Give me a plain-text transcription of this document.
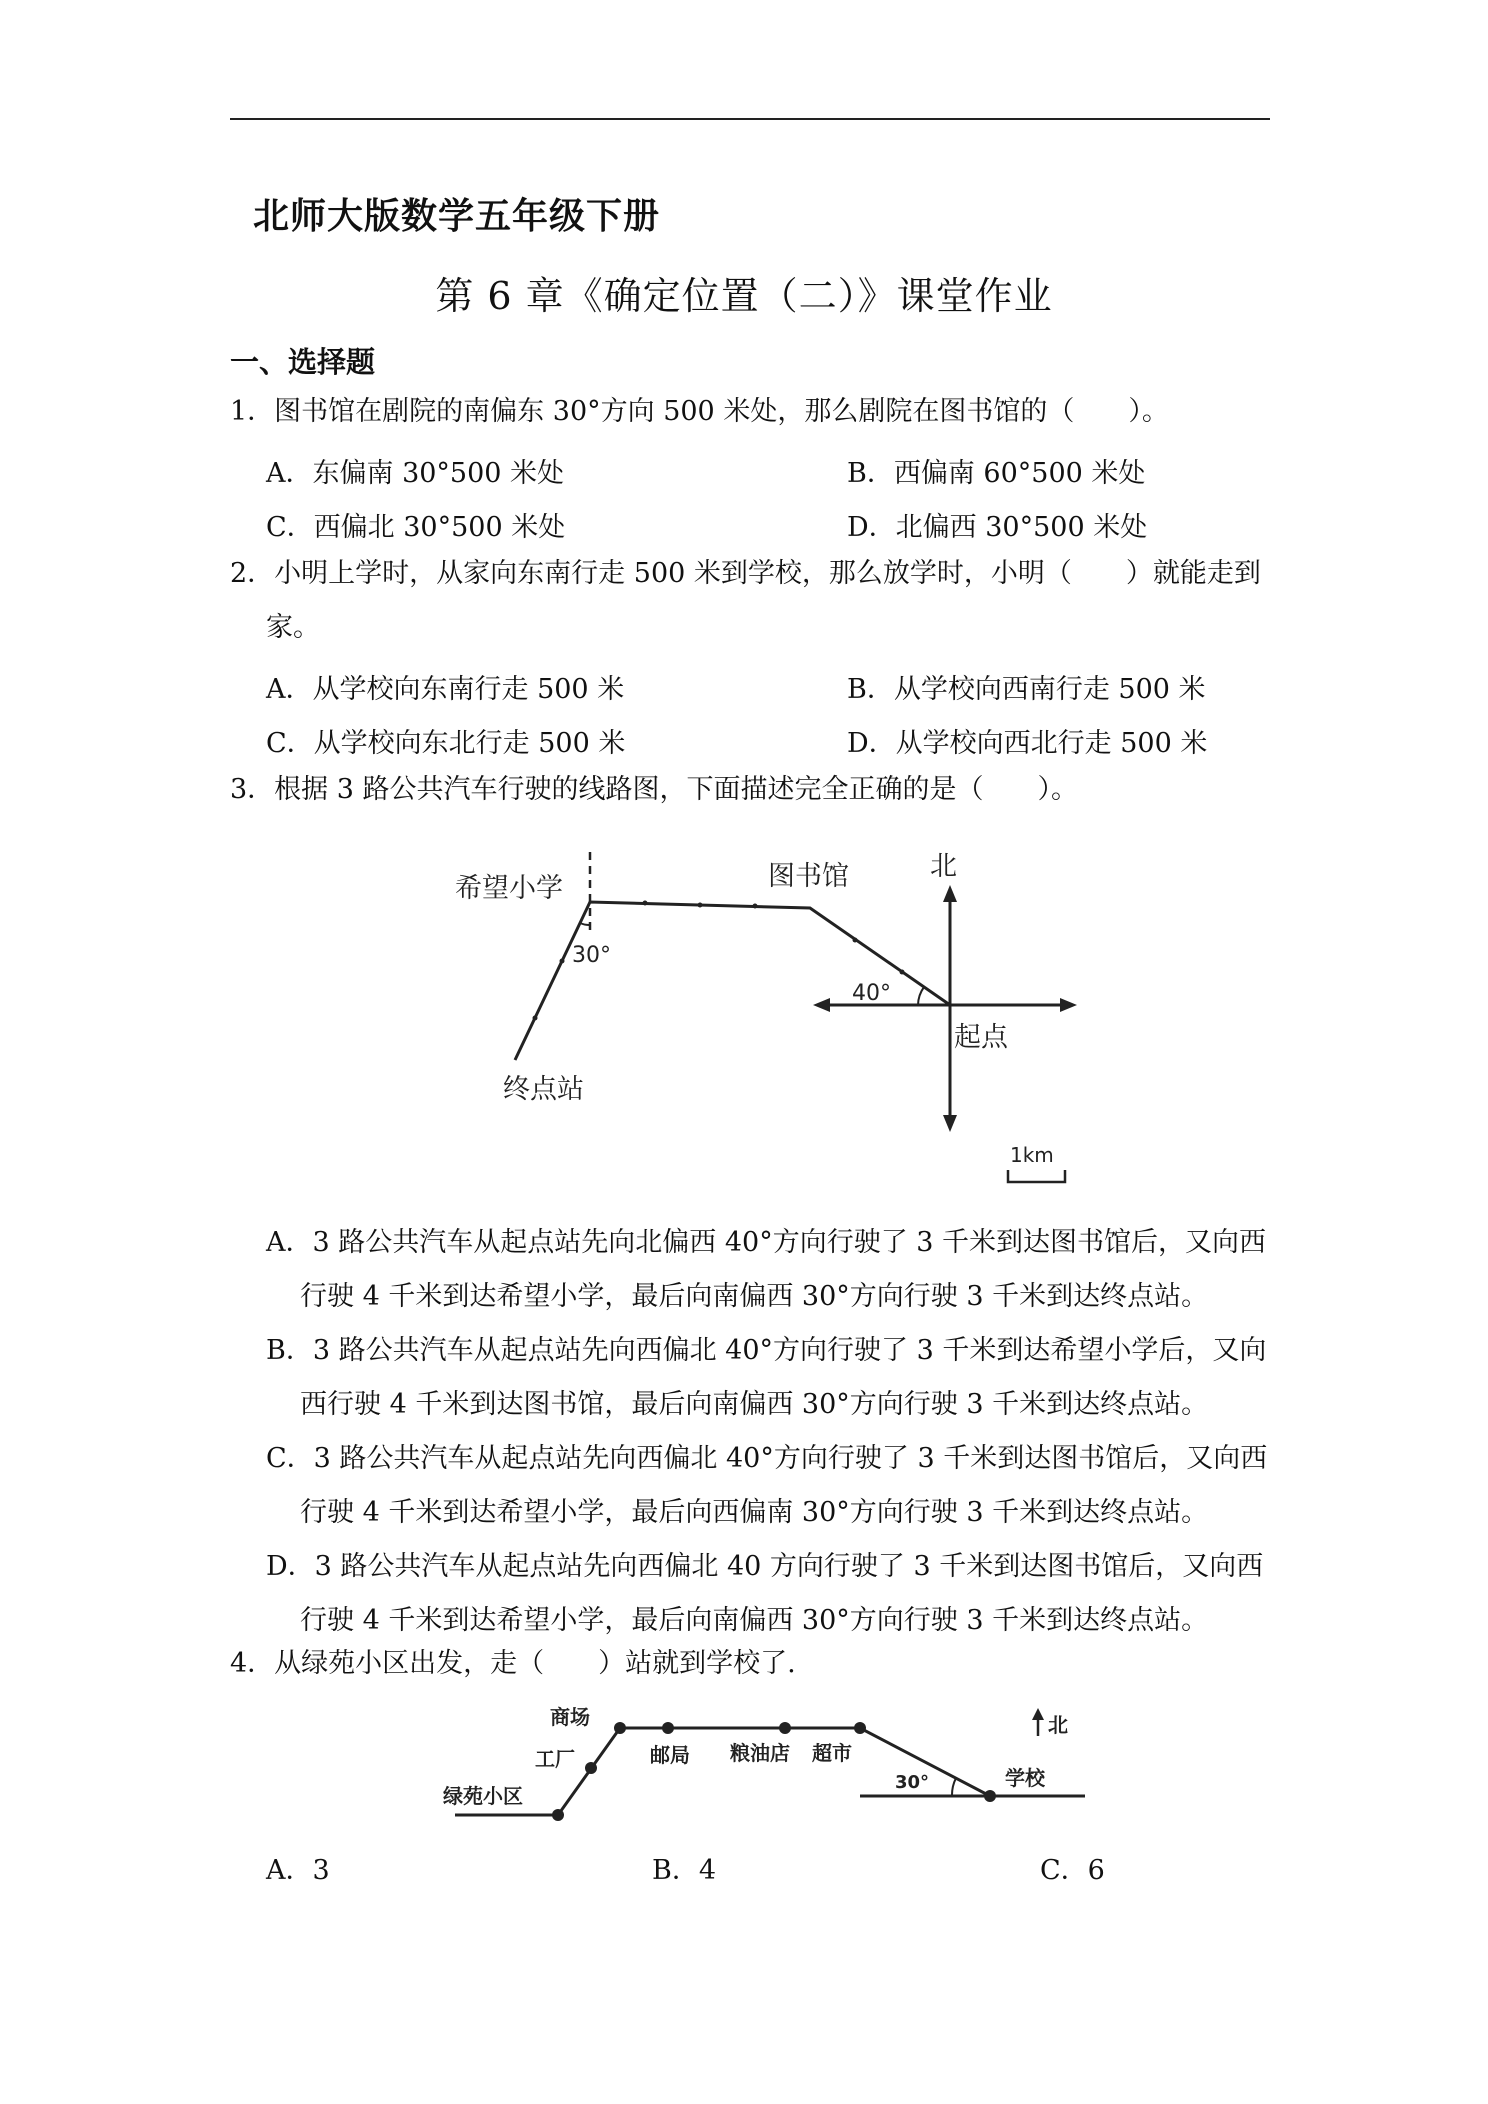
北师大版数学五年级下册
第 6 章《确定位置（二）》课堂作业
一、选择题
1．图书馆在剧院的南偏东 30°方向 500 米处，那么剧院在图书馆的（　　）。
A．东偏南 30°500 米处	B．西偏南 60°500 米处
C．西偏北 30°500 米处	D．北偏西 30°500 米处
2．小明上学时，从家向东南行走 500 米到学校，那么放学时，小明（　　）就能走到
家。
A．从学校向东南行走 500 米	B．从学校向西南行走 500 米
C．从学校向东北行走 500 米	D．从学校向西北行走 500 米
3．根据 3 路公共汽车行驶的线路图，下面描述完全正确的是（　　）。
希望小学	图书馆	北
30°
40°
起点
终点站
1km
A．3 路公共汽车从起点站先向北偏西 40°方向行驶了 3 千米到达图书馆后，又向西
行驶 4 千米到达希望小学，最后向南偏西 30°方向行驶 3 千米到达终点站。
B．3 路公共汽车从起点站先向西偏北 40°方向行驶了 3 千米到达希望小学后，又向
西行驶 4 千米到达图书馆，最后向南偏西 30°方向行驶 3 千米到达终点站。
C．3 路公共汽车从起点站先向西偏北 40°方向行驶了 3 千米到达图书馆后，又向西
行驶 4 千米到达希望小学，最后向西偏南 30°方向行驶 3 千米到达终点站。
D．3 路公共汽车从起点站先向西偏北 40 方向行驶了 3 千米到达图书馆后，又向西
行驶 4 千米到达希望小学，最后向南偏西 30°方向行驶 3 千米到达终点站。
4．从绿苑小区出发，走（　　）站就到学校了.
商场
工厂
绿苑小区
邮局 粮油店 超市
学校
北
30°
A．3	B．4	C．6
